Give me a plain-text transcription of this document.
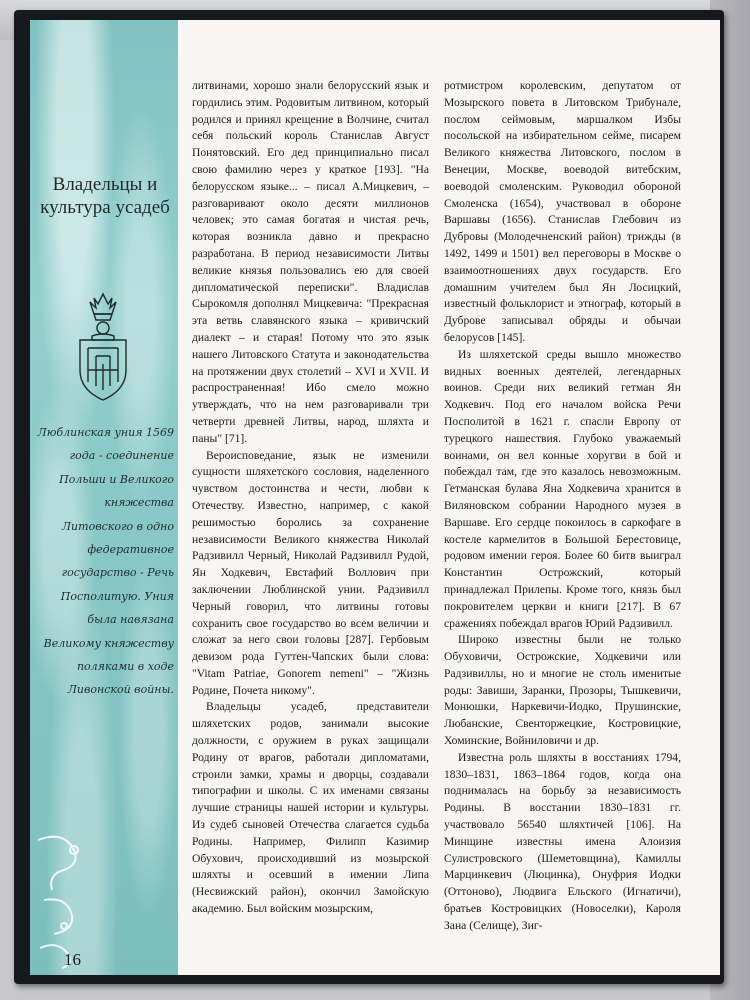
Владельцы и культура усадеб
Люблинская уния 1569 года - соединение Польши и Великого княжества Литовского в одно федеративное государство - Речь Посполитую. Уния была навязана Великому княжеству поляками в ходе Ливонской войны.
16

литвинами, хорошо знали белорусский язык и гордились этим. Родовитым литвином, который родился и принял крещение в Волчине, считал себя польский король Станислав Август Понятовский. Его дед принципиально писал свою фамилию через у краткое [193]. "На белорусском языке... – писал А.Мицкевич, – разговаривают около десяти миллионов человек; это самая богатая и чистая речь, которая возникла давно и прекрасно разработана. В период независимости Литвы великие князья пользовались ею для своей дипломатической переписки". Владислав Сырокомля дополнял Мицкевича: "Прекрасная эта ветвь славянского языка – кривичский диалект – и старая! Потому что это язык нашего Литовского Статута и законодательства на протяжении двух столетий – XVI и XVII. И распространенная! Ибо смело можно утверждать, что на нем разговаривали три четверти древней Литвы, народ, шляхта и паны" [71].

Вероисповедание, язык не изменили сущности шляхетского сословия, наделенного чувством достоинства и чести, любви к Отечеству. Известно, например, с какой решимостью боролись за сохранение независимости Великого княжества Николай Радзивилл Черный, Николай Радзивилл Рудой, Ян Ходкевич, Евстафий Воллович при заключении Люблинской унии. Радзивилл Черный говорил, что литвины готовы сохранить свое государство во всем величии и сложат за него свои головы [287]. Гербовым девизом рода Гуттен-Чапских были слова: "Vitam Patriae, Gonorem nemeni" – "Жизнь Родине, Почета никому".

Владельцы усадеб, представители шляхетских родов, занимали высокие должности, с оружием в руках защищали Родину от врагов, работали дипломатами, строили замки, храмы и дворцы, создавали типографии и школы. С их именами связаны лучшие страницы нашей истории и культуры. Из судеб сыновей Отечества слагается судьба Родины. Например, Филипп Казимир Обухович, происходивший из мозырской шляхты и осевший в имении Липа (Несвижский район), окончил Замойскую академию. Был войским мозырским,

ротмистром королевским, депутатом от Мозырского повета в Литовском Трибунале, послом сеймовым, маршалком Избы посольской на избирательном сейме, писарем Великого княжества Литовского, послом в Венеции, Москве, воеводой витебским, воеводой смоленским. Руководил обороной Смоленска (1654), участвовал в обороне Варшавы (1656). Станислав Глебович из Дубровы (Молодечненский район) трижды (в 1492, 1499 и 1501) вел переговоры в Москве о взаимоотношениях двух государств. Его домашним учителем был Ян Лосицкий, известный фольклорист и этнограф, который в Дуброве записывал обряды и обычаи белорусов [145].

Из шляхетской среды вышло множество видных военных деятелей, легендарных воинов. Среди них великий гетман Ян Ходкевич. Под его началом войска Речи Посполитой в 1621 г. спасли Европу от турецкого нашествия. Глубоко уважаемый воинами, он вел конные хоругви в бой и побеждал там, где это казалось невозможным. Гетманская булава Яна Ходкевича хранится в Виляновском собрании Народного музея в Варшаве. Его сердце покоилось в саркофаге в костеле кармелитов в Большой Берестовице, родовом имении героя. Более 60 битв выиграл Константин Острожский, который принадлежал Прилепы. Кроме того, князь был покровителем церкви и книги [217]. В 67 сражениях побеждал врагов Юрий Радзивилл.

Широко известны были не только Обуховичи, Острожские, Ходкевичи или Радзивиллы, но и многие не столь именитые роды: Завиши, Заранки, Прозоры, Тышкевичи, Монюшки, Наркевичи-Иодко, Прушинские, Любанские, Свенторжецкие, Костровицкие, Хоминские, Войниловичи и др.

Известна роль шляхты в восстаниях 1794, 1830–1831, 1863–1864 годов, когда она поднималась на борьбу за независимость Родины. В восстании 1830–1831 гг. участвовало 56540 шляхтичей [106]. На Минщине известны имена Алоизия Сулистровского (Шеметовщина), Камиллы Марцинкевич (Люцинка), Онуфрия Иодки (Оттоново), Людвига Ельского (Игнатичи), братьев Костровицких (Новоселки), Кароля Зана (Селище), Зиг-
